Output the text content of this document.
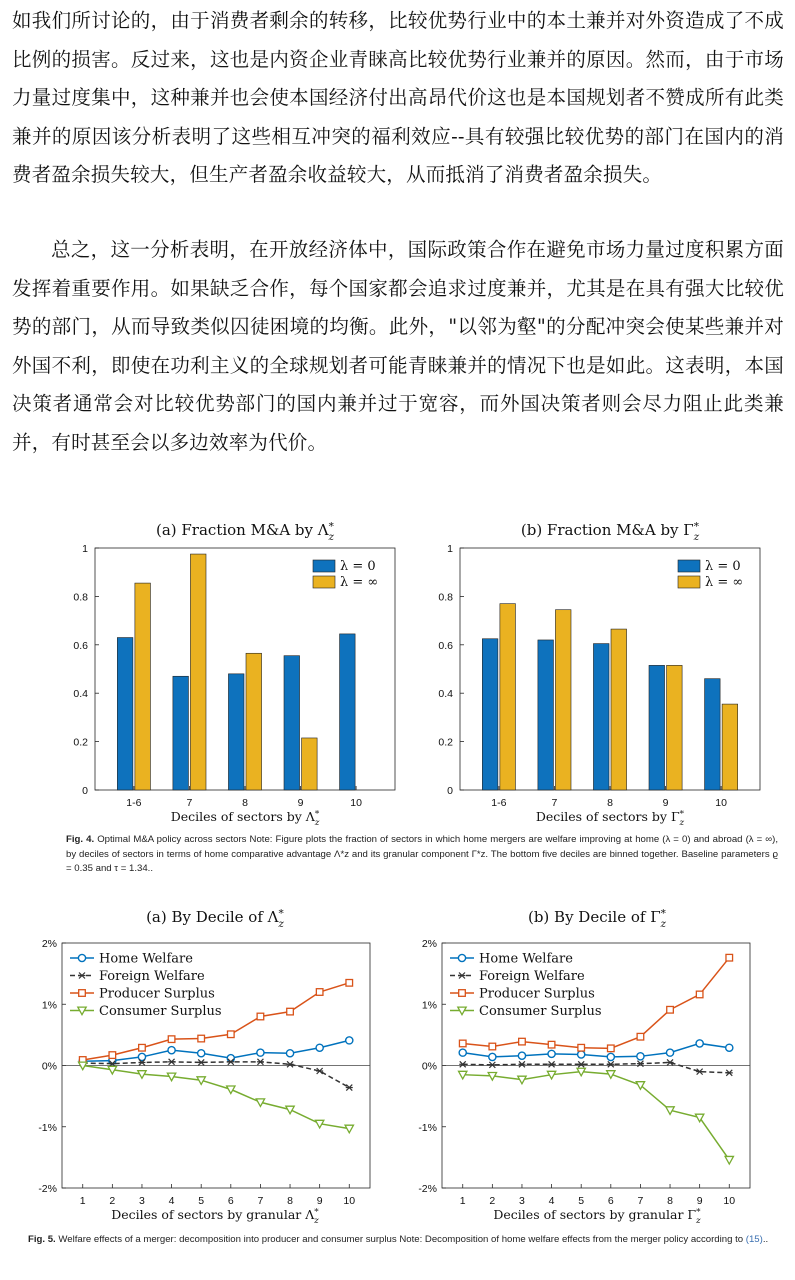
如我们所讨论的，由于消费者剩余的转移，比较优势行业中的本土兼并对外资造成了不成比例的损害。反过来，这也是内资企业青睐高比较优势行业兼并的原因。然而，由于市场力量过度集中，这种兼并也会使本国经济付出高昂代价这也是本国规划者不赞成所有此类兼并的原因该分析表明了这些相互冲突的福利效应--具有较强比较优势的部门在国内的消费者盈余损失较大，但生产者盈余收益较大，从而抵消了消费者盈余损失。

总之，这一分析表明，在开放经济体中，国际政策合作在避免市场力量过度积累方面发挥着重要作用。如果缺乏合作，每个国家都会追求过度兼并，尤其是在具有强大比较优势的部门，从而导致类似囚徒困境的均衡。此外，"以邻为壑"的分配冲突会使某些兼并对外国不利，即使在功利主义的全球规划者可能青睐兼并的情况下也是如此。这表明，本国决策者通常会对比较优势部门的国内兼并过于宽容，而外国决策者则会尽力阻止此类兼并，有时甚至会以多边效率为代价。

(a) Fraction M&A by Λ* z
0
0.2
0.4
0.6
0.8
1
1-6	7	8	9	10
λ = 0
λ = ∞
Deciles of sectors by Λ* z
(b) Fraction M&A by Γ* z
0
0.2
0.4
0.6
0.8
1
1-6	7	8	9	10
λ = 0
λ = ∞
Deciles of sectors by Γ* z

Fig. 4. Optimal M&A policy across sectors Note: Figure plots the fraction of sectors in which home mergers are welfare improving at home (λ = 0) and abroad (λ = ∞), by deciles of sectors in terms of home comparative advantage Λ*z and its granular component Γ*z. The bottom five deciles are binned together. Baseline parameters ϱ = 0.35 and τ = 1.34..

(a) By Decile of Λ* z
-2%
-1%
0%
1%
2%
1 2 3 4 5 6 7 8 9 10
Home Welfare
Foreign Welfare
Producer Surplus
Consumer Surplus
Deciles of sectors by granular Λ* z
(b) By Decile of Γ* z
-2%
-1%
0%
1%
2%
1 2 3 4 5 6 7 8 9 10
Home Welfare
Foreign Welfare
Producer Surplus
Consumer Surplus
Deciles of sectors by granular Γ* z

Fig. 5. Welfare effects of a merger: decomposition into producer and consumer surplus Note: Decomposition of home welfare effects from the merger policy according to (15)..
